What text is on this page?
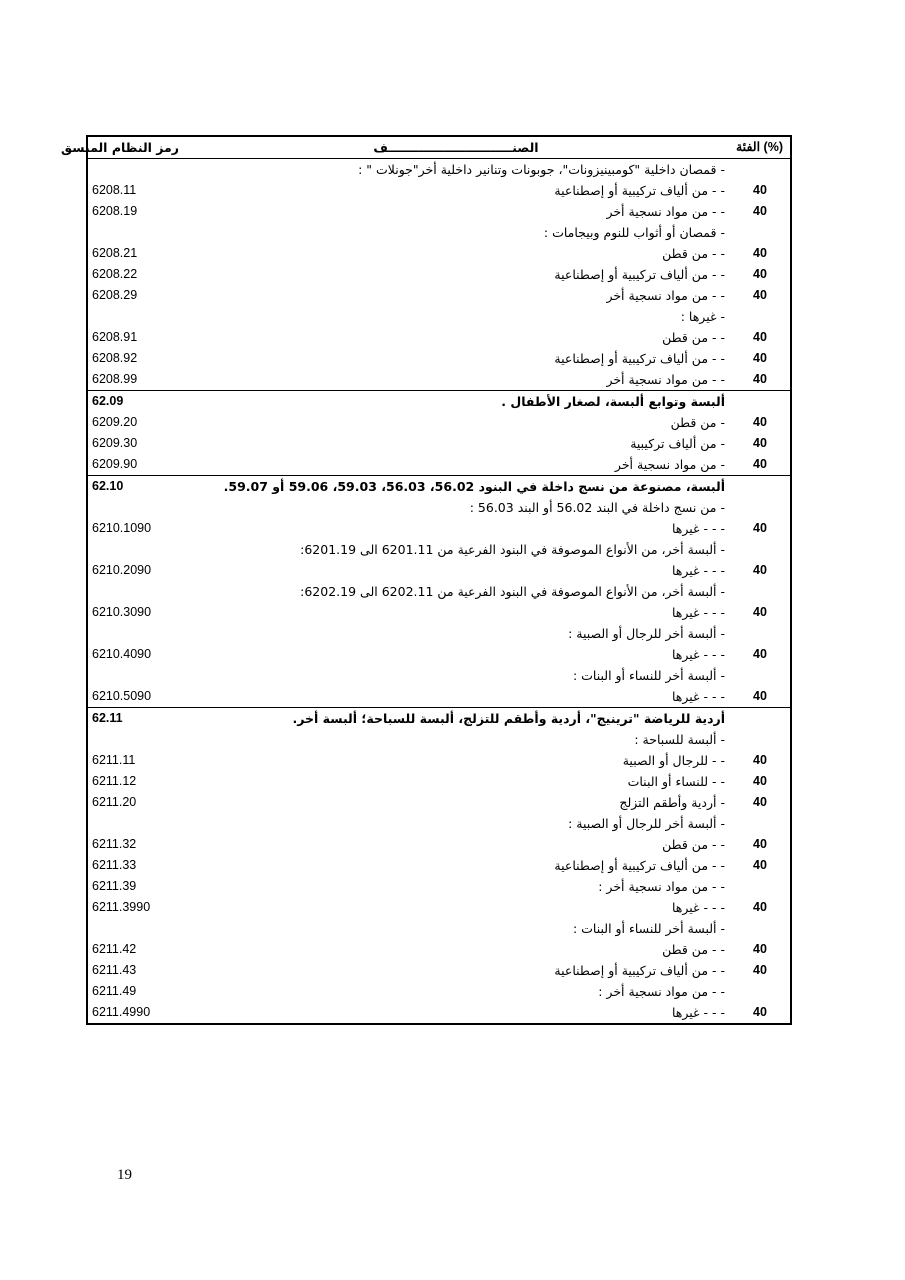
رمز النظام المنسق	الصنـــــــــــــــــــــــــــــف	الفئة (%)
	- قمصان داخلية "كومبينيزونات"، جوبونات وتنانير داخلية أخر"جونلات " :	
6208.11	- - من ألياف تركيبية أو إصطناعية	40
6208.19	- - من مواد نسجية أخر	40
	- قمصان أو أثواب للنوم وبيجامات :	
6208.21	- - من قطن	40
6208.22	- - من ألياف تركيبية أو إصطناعية	40
6208.29	- - من مواد نسجية أخر	40
	- غيرها :	
6208.91	- - من قطن	40
6208.92	- - من ألياف تركيبية أو إصطناعية	40
6208.99	- - من مواد نسجية أخر	40
62.09	ألبسة وتوابع ألبسة، لصغار الأطفال .	
6209.20	- من قطن	40
6209.30	- من ألياف تركيبية	40
6209.90	- من مواد نسجية أخر	40
62.10	ألبسة، مصنوعة من نسج داخلة في البنود 56.02، 56.03، 59.03، 59.06 أو 59.07.	
	- من نسج داخلة في البند 56.02 أو البند 56.03 :	
6210.1090	- - - غيرها	40
	- ألبسة أخر، من الأنواع الموصوفة في البنود الفرعية من 6201.11 الى 6201.19:	
6210.2090	- - - غيرها	40
	- ألبسة أخر، من الأنواع الموصوفة في البنود الفرعية من 6202.11 الى 6202.19:	
6210.3090	- - - غيرها	40
	- ألبسة أخر للرجال أو الصبية :	
6210.4090	- - - غيرها	40
	- ألبسة أخر للنساء أو البنات :	
6210.5090	- - - غيرها	40
62.11	أردية للرياضة "ترينيج"، أردية وأطقم للتزلج، ألبسة للسباحة؛ ألبسة أخر.	
	- ألبسة للسباحة :	
6211.11	- - للرجال أو الصبية	40
6211.12	- - للنساء أو البنات	40
6211.20	- أردية وأطقم التزلج	40
	- ألبسة أخر للرجال أو الصبية :	
6211.32	- - من قطن	40
6211.33	- - من ألياف تركيبية أو إصطناعية	40
6211.39	- - من مواد نسجية أخر :	
6211.3990	- - - غيرها	40
	- ألبسة أخر للنساء أو البنات :	
6211.42	- - من قطن	40
6211.43	- - من ألياف تركيبية أو إصطناعية	40
6211.49	- - من مواد نسجية أخر :	
6211.4990	- - - غيرها	40
19
